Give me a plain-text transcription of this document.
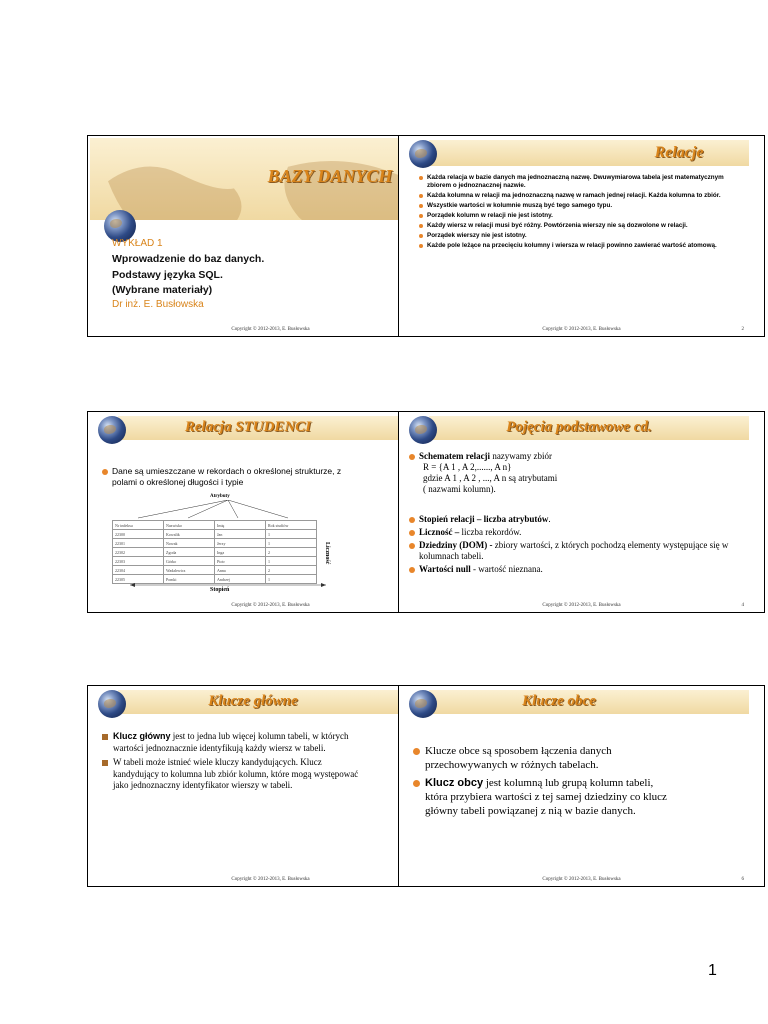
BAZY DANYCH
WYKŁAD 1
Wprowadzenie do baz danych.
Podstawy języka SQL.
(Wybrane materiały)
Dr inż. E. Busłowska
Copyright © 2012-2013, E. Busłowska
Relacje
Każda relacja w bazie danych ma jednoznaczną nazwę. Dwuwymiarowa tabela jest matematycznym zbiorem o jednoznacznej nazwie.
Każda kolumna w relacji ma jednoznaczną nazwę w ramach jednej relacji. Każda kolumna to zbiór.
Wszystkie wartości w kolumnie muszą być tego samego typu.
Porządek kolumn w relacji nie jest istotny.
Każdy wiersz w relacji musi być różny. Powtórzenia wierszy nie są dozwolone w relacji.
Porządek wierszy nie jest istotny.
Każde pole leżące na przecięciu kolumny i wiersza w relacji powinno zawierać wartość atomową.
Copyright © 2012-2013, E. Busłowska	2
Relacja STUDENCI
Dane są umieszczane w rekordach o określonej strukturze, z polami o określonej długości i typie
Atrybuty
Nr indeksu	Nazwisko	Imię	Rok studiów
22300	Kowalik	Jan	1
22301	Nowak	Jerzy	1
22302	Zgoda	Inga	2
22303	Górko	Piotr	1
22304	Wadalewicz	Anna	2
22305	Pomki	Andrzej	1
Liczność
Stopień
Copyright © 2012-2013, E. Busłowska
Pojęcia podstawowe cd.
Schematem relacji nazywamy zbiór
R = {A 1 , A 2,......, A n}
gdzie A 1 , A 2 , ..., A n są atrybutami
( nazwami kolumn).
Stopień relacji – liczba atrybutów.
Liczność – liczba rekordów.
Dziedziny (DOM) - zbiory wartości, z których pochodzą elementy występujące się w kolumnach tabeli.
Wartości null - wartość nieznana.
Copyright © 2012-2013, E. Busłowska	4
Klucze główne
Klucz główny jest to jedna lub więcej kolumn tabeli, w których wartości jednoznacznie identyfikują każdy wiersz w tabeli.
W tabeli może istnieć wiele kluczy kandydujących. Klucz kandydujący to kolumna lub zbiór kolumn, które mogą występować jako jednoznaczny identyfikator wierszy w tabeli.
Copyright © 2012-2013, E. Busłowska
Klucze obce
Klucze obce są sposobem łączenia danych przechowywanych w różnych tabelach.
Klucz obcy jest kolumną lub grupą kolumn tabeli, która przybiera wartości z tej samej dziedziny co klucz główny tabeli powiązanej z nią w bazie danych.
Copyright © 2012-2013, E. Busłowska	6
1
